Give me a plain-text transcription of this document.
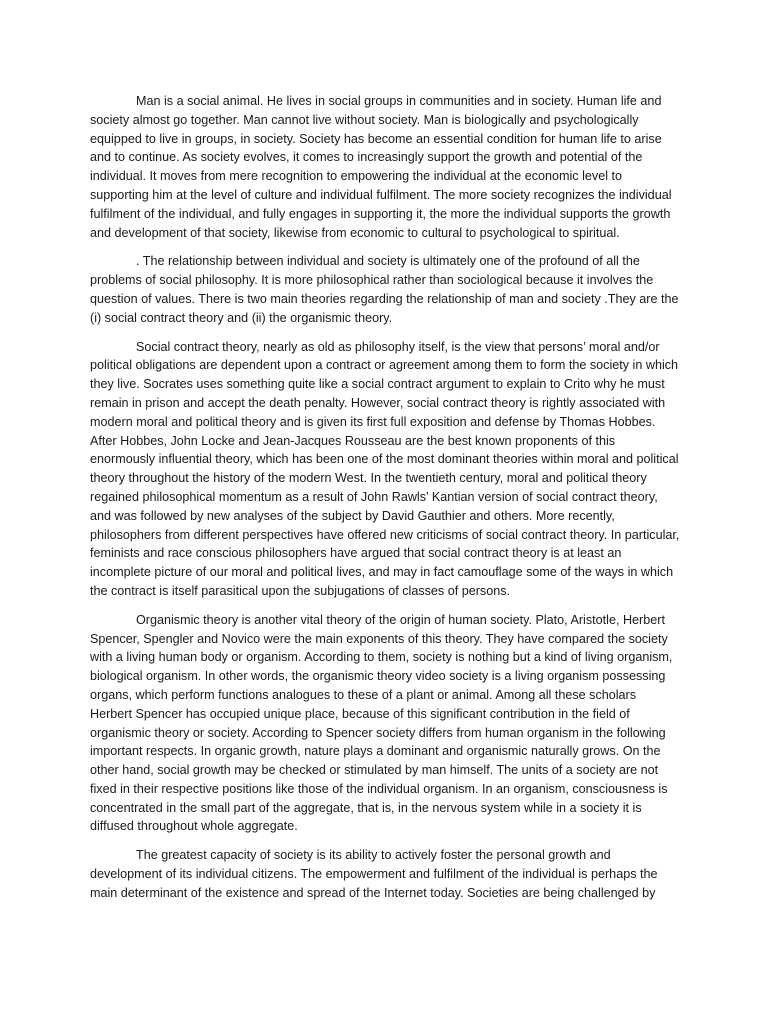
Man is a social animal. He lives in social groups in communities and in society. Human life and society almost go together. Man cannot live without society. Man is biologically and psychologically equipped to live in groups, in society. Society has become an essential condition for human life to arise and to continue. As society evolves, it comes to increasingly support the growth and potential of the individual. It moves from mere recognition to empowering the individual at the economic level to supporting him at the level of culture and individual fulfilment. The more society recognizes the individual fulfilment of the individual, and fully engages in supporting it, the more the individual supports the growth and development of that society, likewise from economic to cultural to psychological to spiritual.

. The relationship between individual and society is ultimately one of the profound of all the problems of social philosophy. It is more philosophical rather than sociological because it involves the question of values. There is two main theories regarding the relationship of man and society .They are the (i) social contract theory and (ii) the organismic theory.

Social contract theory, nearly as old as philosophy itself, is the view that persons’ moral and/or political obligations are dependent upon a contract or agreement among them to form the society in which they live. Socrates uses something quite like a social contract argument to explain to Crito why he must remain in prison and accept the death penalty. However, social contract theory is rightly associated with modern moral and political theory and is given its first full exposition and defense by Thomas Hobbes. After Hobbes, John Locke and Jean-Jacques Rousseau are the best known proponents of this enormously influential theory, which has been one of the most dominant theories within moral and political theory throughout the history of the modern West. In the twentieth century, moral and political theory regained philosophical momentum as a result of John Rawls’ Kantian version of social contract theory, and was followed by new analyses of the subject by David Gauthier and others. More recently, philosophers from different perspectives have offered new criticisms of social contract theory. In particular, feminists and race conscious philosophers have argued that social contract theory is at least an incomplete picture of our moral and political lives, and may in fact camouflage some of the ways in which the contract is itself parasitical upon the subjugations of classes of persons.

Organismic theory is another vital theory of the origin of human society. Plato, Aristotle, Herbert Spencer, Spengler and Novico were the main exponents of this theory. They have compared the society with a living human body or organism. According to them, society is nothing but a kind of living organism, biological organism. In other words, the organismic theory video society is a living organism possessing organs, which perform functions analogues to these of a plant or animal. Among all these scholars Herbert Spencer has occupied unique place, because of this significant contribution in the field of organismic theory or society. According to Spencer society differs from human organism in the following important respects. In organic growth, nature plays a dominant and organismic naturally grows. On the other hand, social growth may be checked or stimulated by man himself. The units of a society are not fixed in their respective positions like those of the individual organism. In an organism, consciousness is concentrated in the small part of the aggregate, that is, in the nervous system while in a society it is diffused throughout whole aggregate.

The greatest capacity of society is its ability to actively foster the personal growth and development of its individual citizens. The empowerment and fulfilment of the individual is perhaps the main determinant of the existence and spread of the Internet today. Societies are being challenged by
